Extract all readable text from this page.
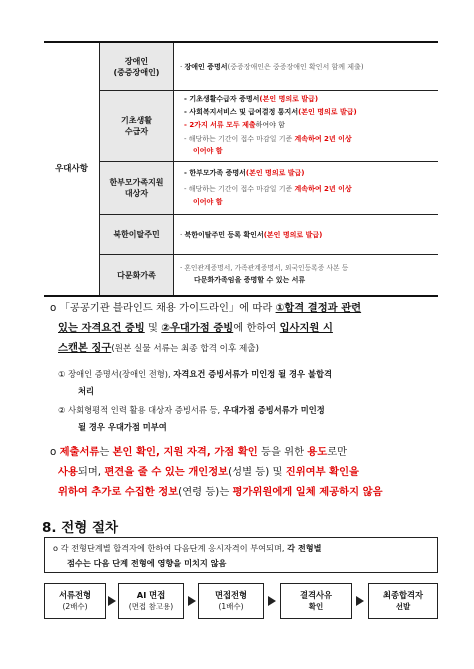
우대사항
장애인
(중증장애인)
· 장애인 증명서(중증장애인은 중증장애인 확인서 함께 제출)
기초생활
수급자
- 기초생활수급자 증명서(본인 명의로 발급)
- 사회복지서비스 및 급여결정 통지서(본인 명의로 발급)
- 2가지 서류 모두 제출하여야 함
- 해당하는 기간이 접수 마감일 기준 계속하여 2년 이상
이어야 함
한부모가족지원
대상자
- 한부모가족 증명서(본인 명의로 발급)
- 해당하는 기간이 접수 마감일 기준 계속하여 2년 이상
이어야 함
북한이탈주민	· 북한이탈주민 등록 확인서(본인 명의로 발급)
다문화가족
· 혼인관계증명서, 가족관계증명서, 외국인등록증 사본 등
다문화가족임을 증명할 수 있는 서류
o 「공공기관 블라인드 채용 가이드라인」에 따라 ①합격 결정과 관련
있는 자격요건 증빙 및 ②우대가점 증빙에 한하여 입사지원 시
스캔본 징구(원본 실물 서류는 최종 합격 이후 제출)
① 장애인 증명서(장애인 전형), 자격요건 증빙서류가 미인정 될 경우 불합격
처리
② 사회형평적 인력 활용 대상자 증빙서류 등, 우대가점 증빙서류가 미인정
될 경우 우대가점 미부여
o 제출서류는 본인 확인, 지원 자격, 가점 확인 등을 위한 용도로만
사용되며, 편견을 줄 수 있는 개인정보(성별 등) 및 진위여부 확인을
위하여 추가로 수집한 정보(연령 등)는 평가위원에게 일체 제공하지 않음
8. 전형 절차
o 각 전형단계별 합격자에 한하여 다음단계 응시자격이 부여되며, 각 전형별
점수는 다음 단계 전형에 영향을 미치지 않음
서류전형
(2배수)
AI 면접
(면접 참고용)
면접전형
(1배수)
결격사유
확인
최종합격자
선발
